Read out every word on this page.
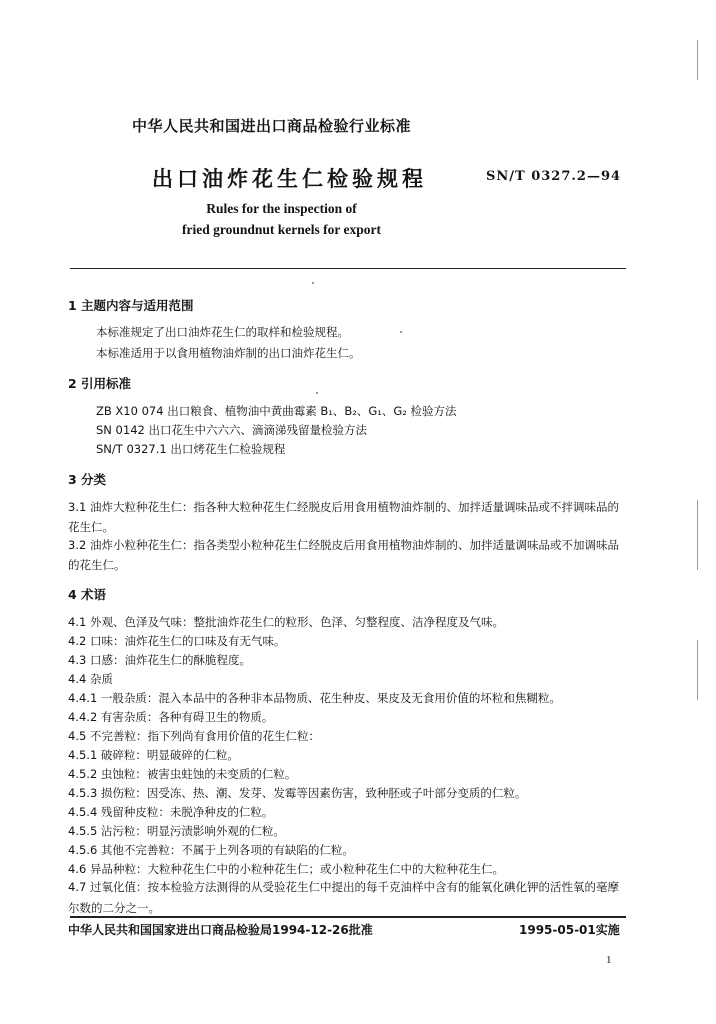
中华人民共和国进出口商品检验行业标准
出口油炸花生仁检验规程	SN/T 0327.2—94
Rules for the inspection of
fried groundnut kernels for export
1 主题内容与适用范围
本标准规定了出口油炸花生仁的取样和检验规程。
本标准适用于以食用植物油炸制的出口油炸花生仁。
2 引用标准
ZB X10 074 出口粮食、植物油中黄曲霉素 B₁、B₂、G₁、G₂ 检验方法
SN 0142 出口花生中六六六、滴滴涕残留量检验方法
SN/T 0327.1 出口烤花生仁检验规程
3 分类
3.1 油炸大粒种花生仁：指各种大粒种花生仁经脱皮后用食用植物油炸制的、加拌适量调味品或不拌调味品的花生仁。
3.2 油炸小粒种花生仁：指各类型小粒种花生仁经脱皮后用食用植物油炸制的、加拌适量调味品或不加调味品的花生仁。
4 术语
4.1 外观、色泽及气味：整批油炸花生仁的粒形、色泽、匀整程度、洁净程度及气味。
4.2 口味：油炸花生仁的口味及有无气味。
4.3 口感：油炸花生仁的酥脆程度。
4.4 杂质
4.4.1 一般杂质：混入本品中的各种非本品物质、花生种皮、果皮及无食用价值的坏粒和焦糊粒。
4.4.2 有害杂质：各种有碍卫生的物质。
4.5 不完善粒：指下列尚有食用价值的花生仁粒：
4.5.1 破碎粒：明显破碎的仁粒。
4.5.2 虫蚀粒：被害虫蛀蚀的未变质的仁粒。
4.5.3 损伤粒：因受冻、热、潮、发芽、发霉等因素伤害，致种胚或子叶部分变质的仁粒。
4.5.4 残留种皮粒：未脱净种皮的仁粒。
4.5.5 沾污粒：明显污渍影响外观的仁粒。
4.5.6 其他不完善粒：不属于上列各项的有缺陷的仁粒。
4.6 异品种粒：大粒种花生仁中的小粒种花生仁；或小粒种花生仁中的大粒种花生仁。
4.7 过氧化值：按本检验方法测得的从受验花生仁中提出的每千克油样中含有的能氧化碘化钾的活性氧的毫摩尔数的二分之一。
中华人民共和国国家进出口商品检验局1994-12-26批准	1995-05-01实施
1
